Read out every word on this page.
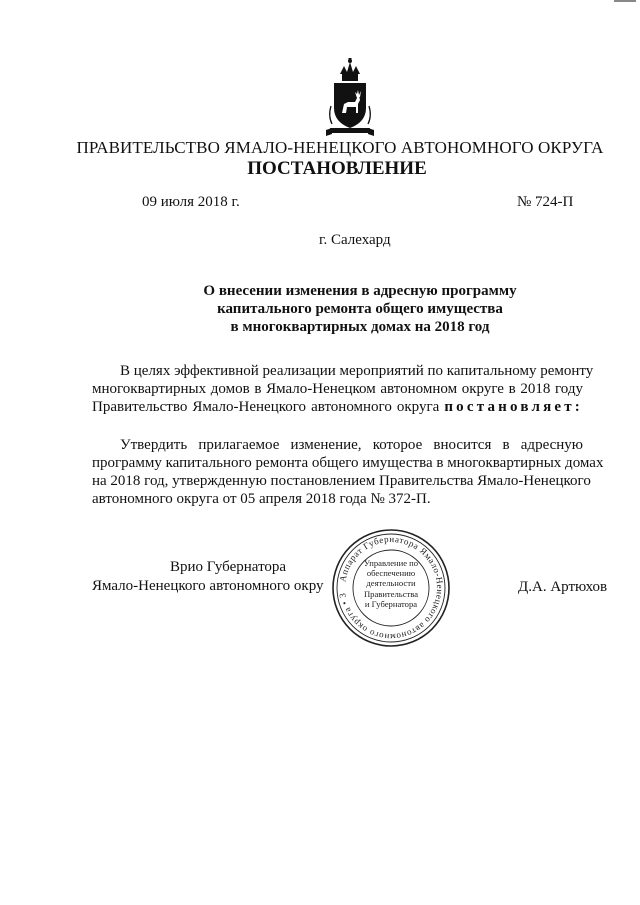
ПРАВИТЕЛЬСТВО ЯМАЛО-НЕНЕЦКОГО АВТОНОМНОГО ОКРУГА
ПОСТАНОВЛЕНИЕ
09 июля 2018 г.	№ 724-П
г. Салехард
О внесении изменения в адресную программу
капитального ремонта общего имущества
в многоквартирных домах на 2018 год
В целях эффективной реализации мероприятий по капитальному ремонту
многоквартирных домов в Ямало-Ненецком автономном округе в 2018 году
Правительство Ямало-Ненецкого автономного округа постановляет:
Утвердить прилагаемое изменение, которое вносится в адресную
программу капитального ремонта общего имущества в многоквартирных домах
на 2018 год, утвержденную постановлением Правительства Ямало-Ненецкого
автономного округа от 05 апреля 2018 года № 372-П.
Врио Губернатора
Ямало-Ненецкого автономного окру	Аппарат Губернатора Ямало-Ненецкого автономного округа • 3
Управление по
обеспечению
деятельности
Правительства
и Губернатора
Д.А. Артюхов
